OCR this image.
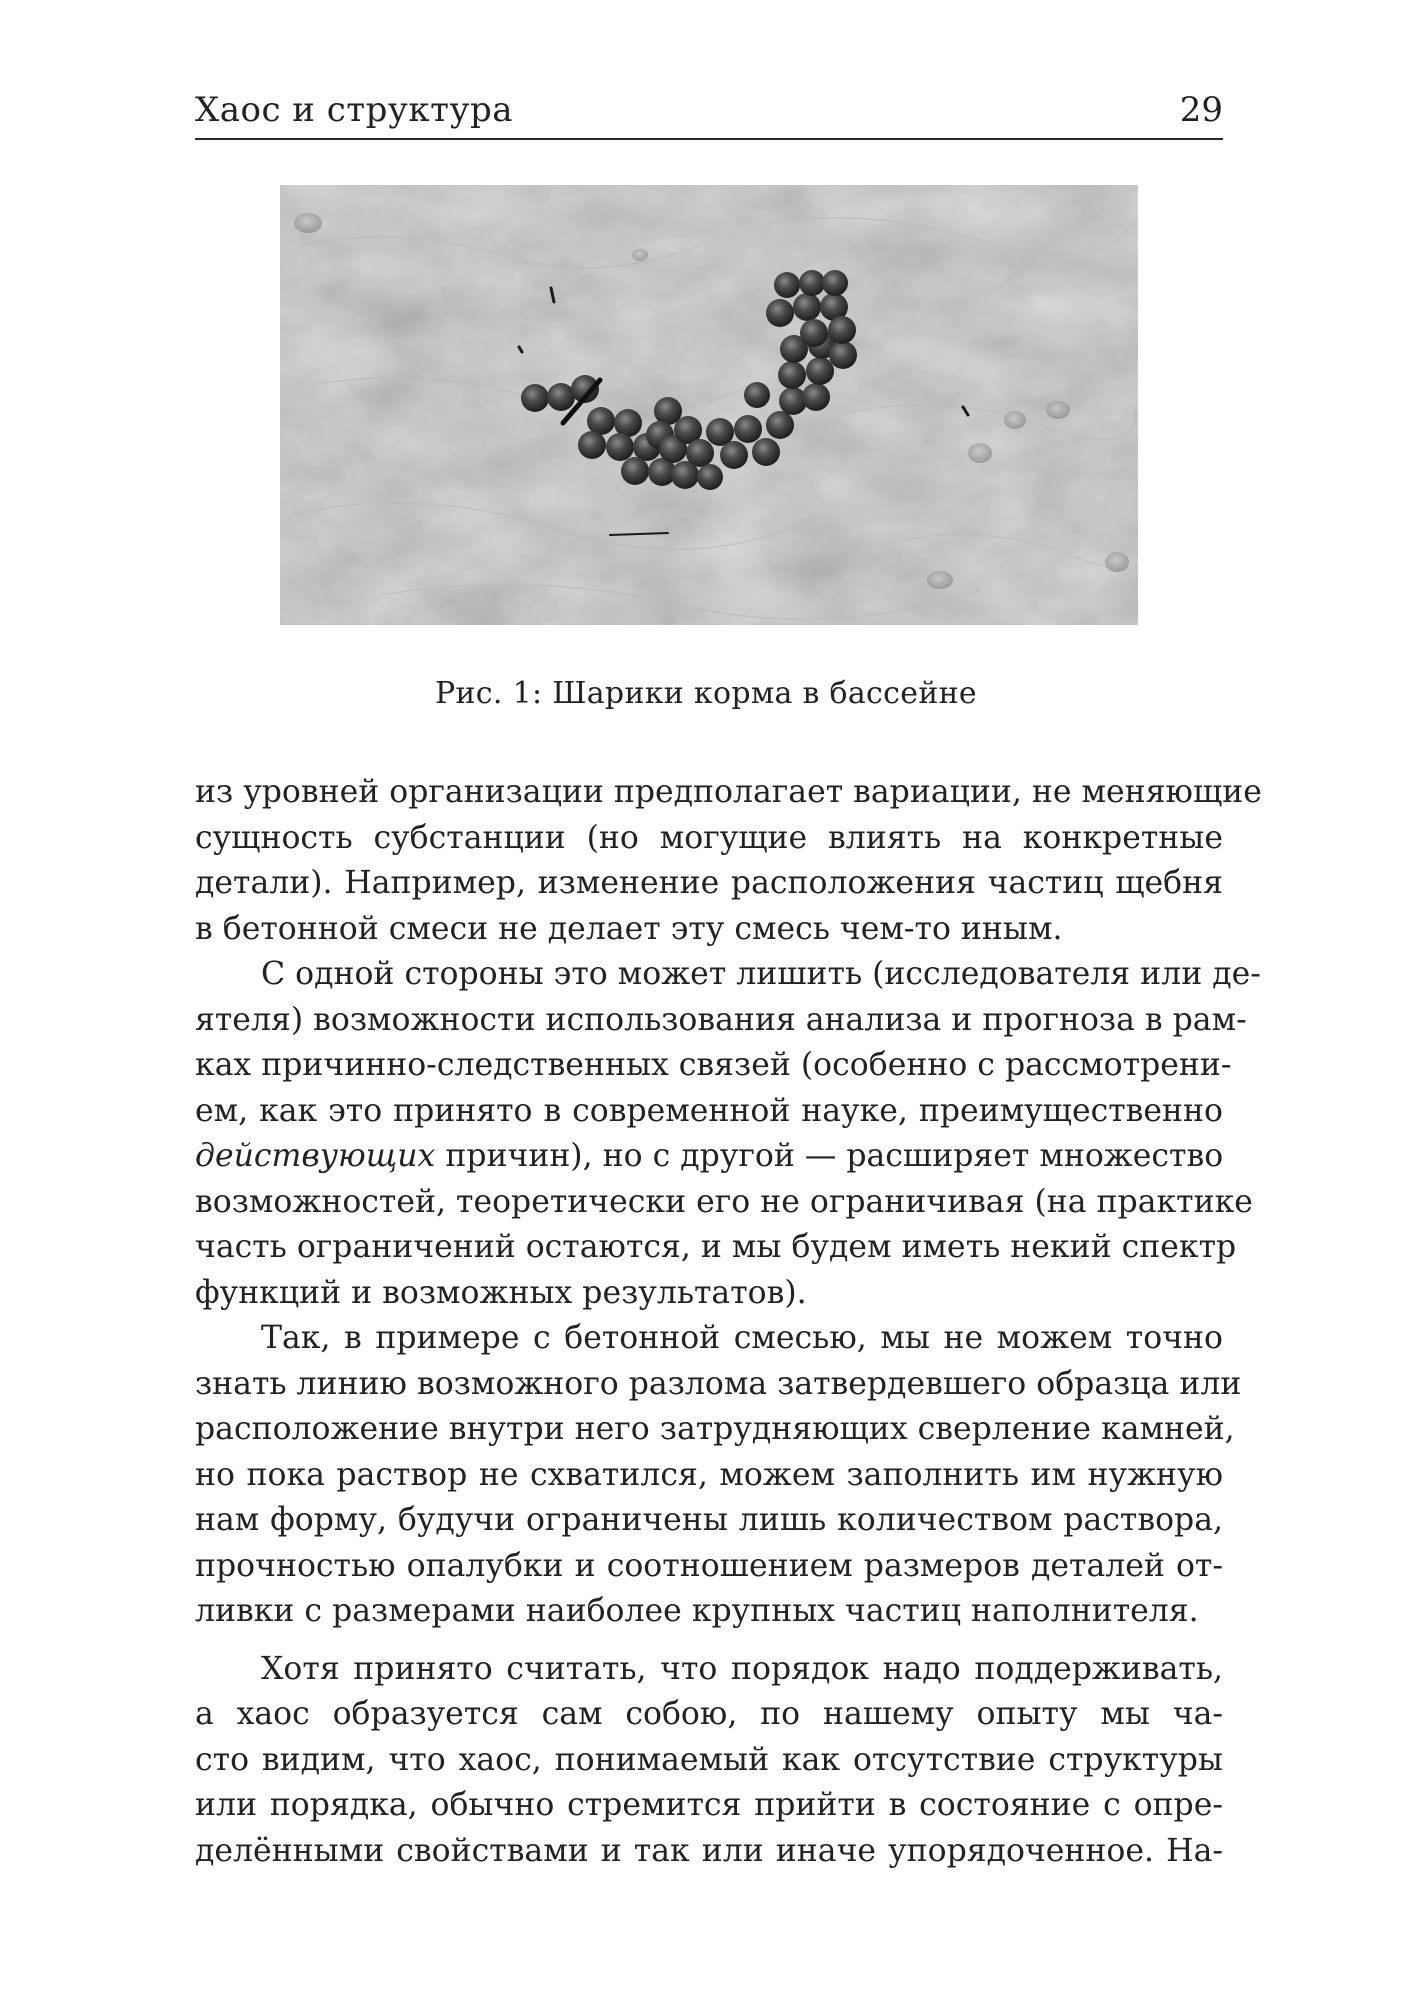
Хаос и структура	29
Рис. 1: Шарики корма в бассейне

из уровней организации предполагает вариации, не меняющие
сущность субстанции (но могущие влиять на конкретные
детали). Например, изменение расположения частиц щебня
в бетонной смеси не делает эту смесь чем-то иным.

С одной стороны это может лишить (исследователя или де-
ятеля) возможности использования анализа и прогноза в рам-
ках причинно-следственных связей (особенно с рассмотрени-
ем, как это принято в современной науке, преимущественно
действующих причин), но с другой — расширяет множество
возможностей, теоретически его не ограничивая (на практике
часть ограничений остаются, и мы будем иметь некий спектр
функций и возможных результатов).

Так, в примере с бетонной смесью, мы не можем точно
знать линию возможного разлома затвердевшего образца или
расположение внутри него затрудняющих сверление камней,
но пока раствор не схватился, можем заполнить им нужную
нам форму, будучи ограничены лишь количеством раствора,
прочностью опалубки и соотношением размеров деталей от-
ливки с размерами наиболее крупных частиц наполнителя.

Хотя принято считать, что порядок надо поддерживать,
а хаос образуется сам собою, по нашему опыту мы ча-
сто видим, что хаос, понимаемый как отсутствие структуры
или порядка, обычно стремится прийти в состояние с опре-
делёнными свойствами и так или иначе упорядоченное. На-
